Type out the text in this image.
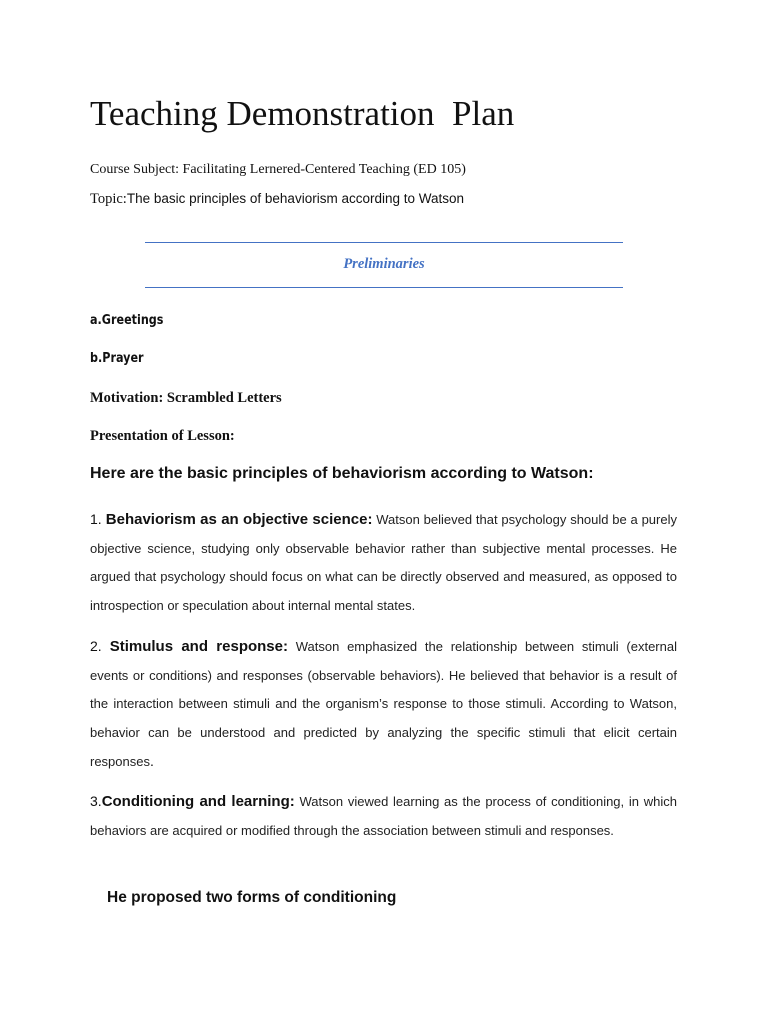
Teaching Demonstration  Plan
Course Subject: Facilitating Lernered-Centered Teaching (ED 105)
Topic:The basic principles of behaviorism according to Watson
Preliminaries
a.Greetings
b.Prayer
Motivation: Scrambled Letters
Presentation of Lesson:
Here are the basic principles of behaviorism according to Watson:
1. Behaviorism as an objective science: Watson believed that psychology should be a purely objective science, studying only observable behavior rather than subjective mental processes. He argued that psychology should focus on what can be directly observed and measured, as opposed to introspection or speculation about internal mental states.
2. Stimulus and response: Watson emphasized the relationship between stimuli (external events or conditions) and responses (observable behaviors). He believed that behavior is a result of the interaction between stimuli and the organism’s response to those stimuli. According to Watson, behavior can be understood and predicted by analyzing the specific stimuli that elicit certain responses.
3.Conditioning and learning: Watson viewed learning as the process of conditioning, in which behaviors are acquired or modified through the association between stimuli and responses.
He proposed two forms of conditioning
